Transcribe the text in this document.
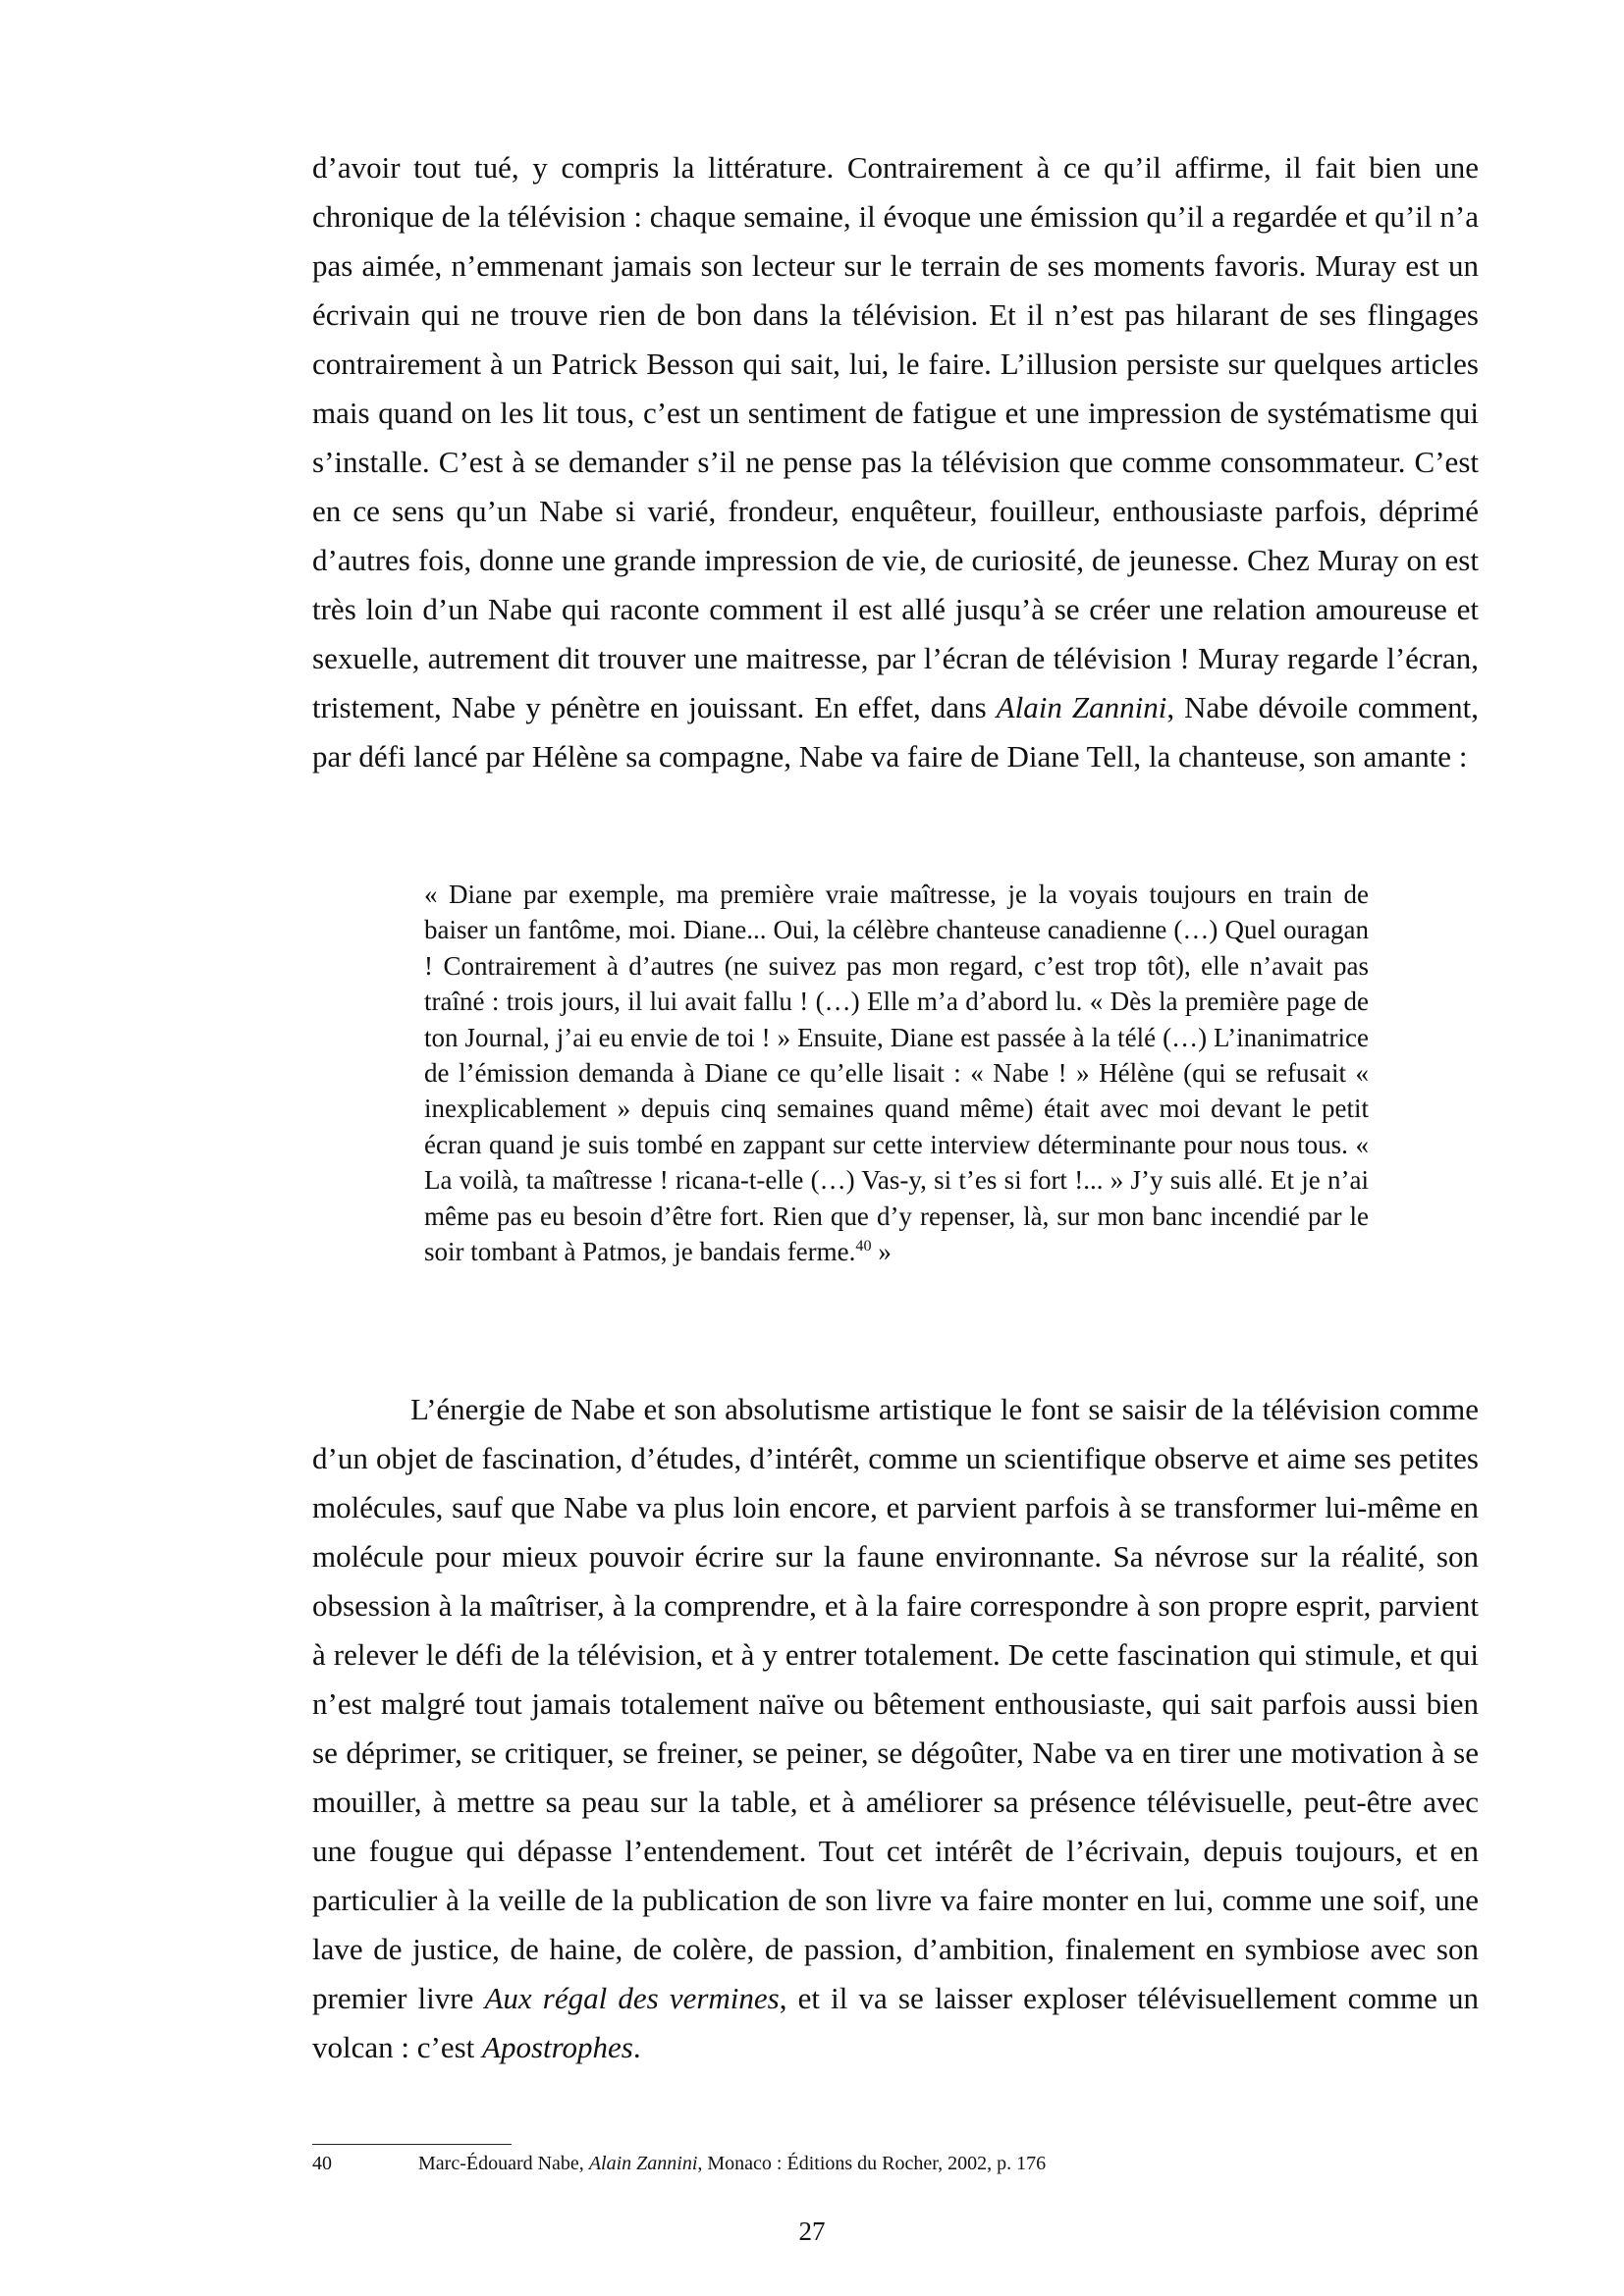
d’avoir tout tué, y compris la littérature. Contrairement à ce qu’il affirme, il fait bien une chronique de la télévision : chaque semaine, il évoque une émission qu’il a regardée et qu’il n’a pas aimée, n’emmenant jamais son lecteur sur le terrain de ses moments favoris. Muray est un écrivain qui ne trouve rien de bon dans la télévision. Et il n’est pas hilarant de ses flingages contrairement à un Patrick Besson qui sait, lui, le faire. L’illusion persiste sur quelques articles mais quand on les lit tous, c’est un sentiment de fatigue et une impression de systématisme qui s’installe. C’est à se demander s’il ne pense pas la télévision que comme consommateur. C’est en ce sens qu’un Nabe si varié, frondeur, enquêteur, fouilleur, enthousiaste parfois, déprimé d’autres fois, donne une grande impression de vie, de curiosité, de jeunesse. Chez Muray on est très loin d’un Nabe qui raconte comment il est allé jusqu’à se créer une relation amoureuse et sexuelle, autrement dit trouver une maitresse, par l’écran de télévision ! Muray regarde l’écran, tristement, Nabe y pénètre en jouissant. En effet, dans Alain Zannini, Nabe dévoile comment, par défi lancé par Hélène sa compagne, Nabe va faire de Diane Tell, la chanteuse, son amante :

« Diane par exemple, ma première vraie maîtresse, je la voyais toujours en train de baiser un fantôme, moi. Diane... Oui, la célèbre chanteuse canadienne (…) Quel ouragan ! Contrairement à d’autres (ne suivez pas mon regard, c’est trop tôt), elle n’avait pas traîné : trois jours, il lui avait fallu ! (…) Elle m’a d’abord lu. « Dès la première page de ton Journal, j’ai eu envie de toi ! » Ensuite, Diane est passée à la télé (…) L’inanimatrice de l’émission demanda à Diane ce qu’elle lisait : « Nabe ! » Hélène (qui se refusait « inexplicablement » depuis cinq semaines quand même) était avec moi devant le petit écran quand je suis tombé en zappant sur cette interview déterminante pour nous tous. « La voilà, ta maîtresse ! ricana-t-elle (…) Vas-y, si t’es si fort !... » J’y suis allé. Et je n’ai même pas eu besoin d’être fort. Rien que d’y repenser, là, sur mon banc incendié par le soir tombant à Patmos, je bandais ferme.$^{40}$ »

L’énergie de Nabe et son absolutisme artistique le font se saisir de la télévision comme d’un objet de fascination, d’études, d’intérêt, comme un scientifique observe et aime ses petites molécules, sauf que Nabe va plus loin encore, et parvient parfois à se transformer lui-même en molécule pour mieux pouvoir écrire sur la faune environnante. Sa névrose sur la réalité, son obsession à la maîtriser, à la comprendre, et à la faire correspondre à son propre esprit, parvient à relever le défi de la télévision, et à y entrer totalement. De cette fascination qui stimule, et qui n’est malgré tout jamais totalement naïve ou bêtement enthousiaste, qui sait parfois aussi bien se déprimer, se critiquer, se freiner, se peiner, se dégoûter, Nabe va en tirer une motivation à se mouiller, à mettre sa peau sur la table, et à améliorer sa présence télévisuelle, peut-être avec une fougue qui dépasse l’entendement. Tout cet intérêt de l’écrivain, depuis toujours, et en particulier à la veille de la publication de son livre va faire monter en lui, comme une soif, une lave de justice, de haine, de colère, de passion, d’ambition, finalement en symbiose avec son premier livre Aux régal des vermines, et il va se laisser exploser télévisuellement comme un volcan : c’est Apostrophes.

40	Marc-Édouard Nabe, Alain Zannini, Monaco : Éditions du Rocher, 2002, p. 176

27
